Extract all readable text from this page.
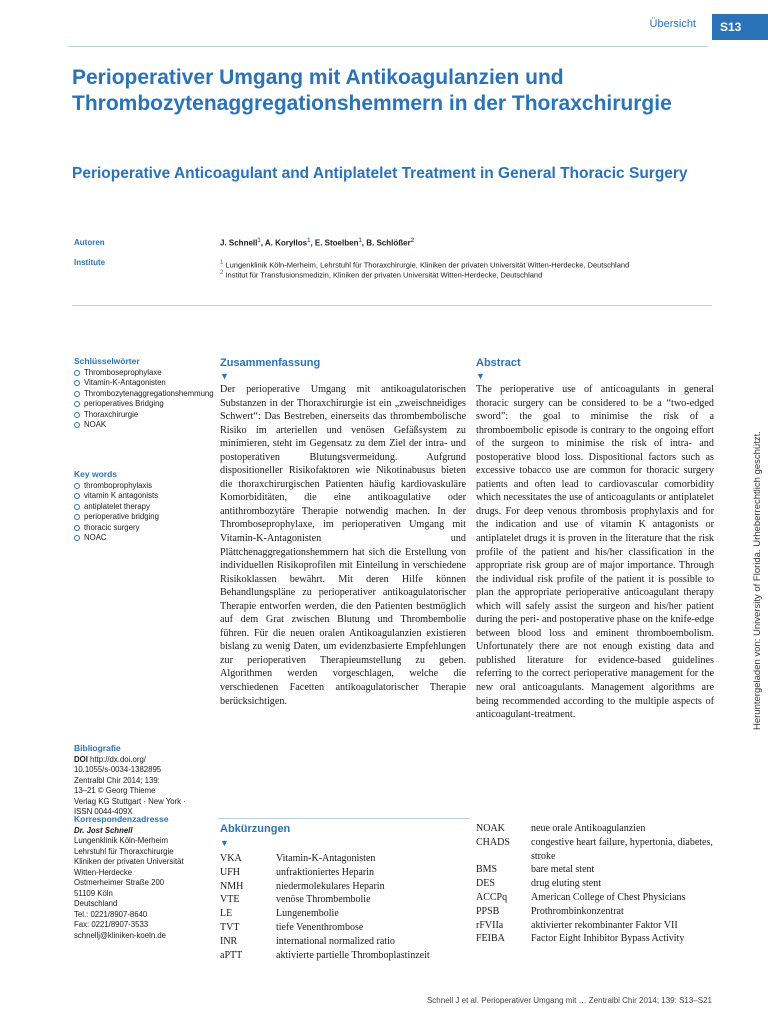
Übersicht	S13
Perioperativer Umgang mit Antikoagulanzien und Thrombozytenaggregationshemmern in der Thoraxchirurgie
Perioperative Anticoagulant and Antiplatelet Treatment in General Thoracic Surgery
Autoren
Institute
J. Schnell$^1$, A. Koryllos$^1$, E. Stoelben$^1$, B. Schlößer$^2$
$^1$ Lungenklinik Köln-Merheim, Lehrstuhl für Thoraxchirurgie, Kliniken der privaten Universität Witten-Herdecke, Deutschland
$^2$ Institut für Transfusionsmedizin, Kliniken der privaten Universität Witten-Herdecke, Deutschland
Schlüsselwörter
Thromboseprophylaxe
Vitamin-K-Antagonisten
Thrombozytenaggregationshemmung
perioperatives Bridging
Thoraxchirurgie
NOAK
Key words
thromboprophylaxis
vitamin K antagonists
antiplatelet therapy
perioperative bridging
thoracic surgery
NOAC
Bibliografie

DOI http://dx.doi.org/

10.1055/s-0034-1382895

Zentralbl Chir 2014; 139:

13–21 © Georg Thieme

Verlag KG Stuttgart · New York ·

ISSN 0044-409X

Korrespondenzadresse

Dr. Jost Schnell

Lungenklinik Köln-Merheim

Lehrstuhl für Thoraxchirurgie

Kliniken der privaten Universität

Witten-Herdecke

Ostmerheimer Straße 200

51109 Köln

Deutschland

Tel.: 0221/8907-8640

Fax: 0221/8907-3533

schnellj@kliniken-koeln.de

Zusammenfassung
▼

Der perioperative Umgang mit antikoagulatorischen Substanzen in der Thoraxchirurgie ist ein „zweischneidiges Schwert“: Das Bestreben, einerseits das thrombembolische Risiko im arteriellen und venösen Gefäßsystem zu minimieren, steht im Gegensatz zu dem Ziel der intra- und postoperativen Blutungsvermeidung. Aufgrund dispositioneller Risikofaktoren wie Nikotinabusus bieten die thoraxchirurgischen Patienten häufig kardiovaskuläre Komorbiditäten, die eine antikoagulative oder antithrombozytäre Therapie notwendig machen. In der Thromboseprophylaxe, im perioperativen Umgang mit Vitamin-K-Antagonisten und Plättchenaggregationshemmern hat sich die Erstellung von individuellen Risikoprofilen mit Einteilung in verschiedene Risikoklassen bewährt. Mit deren Hilfe können Behandlungspläne zu perioperativer antikoagulatorischer Therapie entworfen werden, die den Patienten bestmöglich auf dem Grat zwischen Blutung und Thrombembolie führen. Für die neuen oralen Antikoagulanzien existieren bislang zu wenig Daten, um evidenzbasierte Empfehlungen zur perioperativen Therapieumstellung zu geben. Algorithmen werden vorgeschlagen, welche die verschiedenen Facetten antikoagulatorischer Therapie berücksichtigen.

Abstract
▼

The perioperative use of anticoagulants in general thoracic surgery can be considered to be a “two-edged sword”: the goal to minimise the risk of a thromboembolic episode is contrary to the ongoing effort of the surgeon to minimise the risk of intra- and postoperative blood loss. Dispositional factors such as excessive tobacco use are common for thoracic surgery patients and often lead to cardiovascular comorbidity which necessitates the use of anticoagulants or antiplatelet drugs. For deep venous thrombosis prophylaxis and for the indication and use of vitamin K antagonists or antiplatelet drugs it is proven in the literature that the risk profile of the patient and his/her classification in the appropriate risk group are of major importance. Through the individual risk profile of the patient it is possible to plan the appropriate perioperative anticoagulant therapy which will safely assist the surgeon and his/her patient during the peri- and postoperative phase on the knife-edge between blood loss and eminent thromboembolism. Unfortunately there are not enough existing data and published literature for evidence-based guidelines referring to the correct perioperative management for the new oral anticoagulants. Management algorithms are being recommended according to the multiple aspects of anticoagulant-treatment.

Abkürzungen
▼
VKA	Vitamin-K-Antagonisten
UFH	unfraktioniertes Heparin
NMH	niedermolekulares Heparin
VTE	venöse Thrombembolie
LE	Lungenembolie
TVT	tiefe Venenthrombose
INR	international normalized ratio
aPTT	aktivierte partielle Thromboplastinzeit
NOAK	neue orale Antikoagulanzien
CHADS	congestive heart failure, hypertonia, diabetes, stroke
BMS	bare metal stent
DES	drug eluting stent
ACCPq	American College of Chest Physicians
PPSB	Prothrombinkonzentrat
rFVIIa	aktivierter rekombinanter Faktor VII
FEIBA	Factor Eight Inhibitor Bypass Activity
Heruntergeladen von: University of Florida. Urheberrechtlich geschützt.
Schnell J et al. Perioperativer Umgang mit … Zentralbl Chir 2014; 139: S13–S21
